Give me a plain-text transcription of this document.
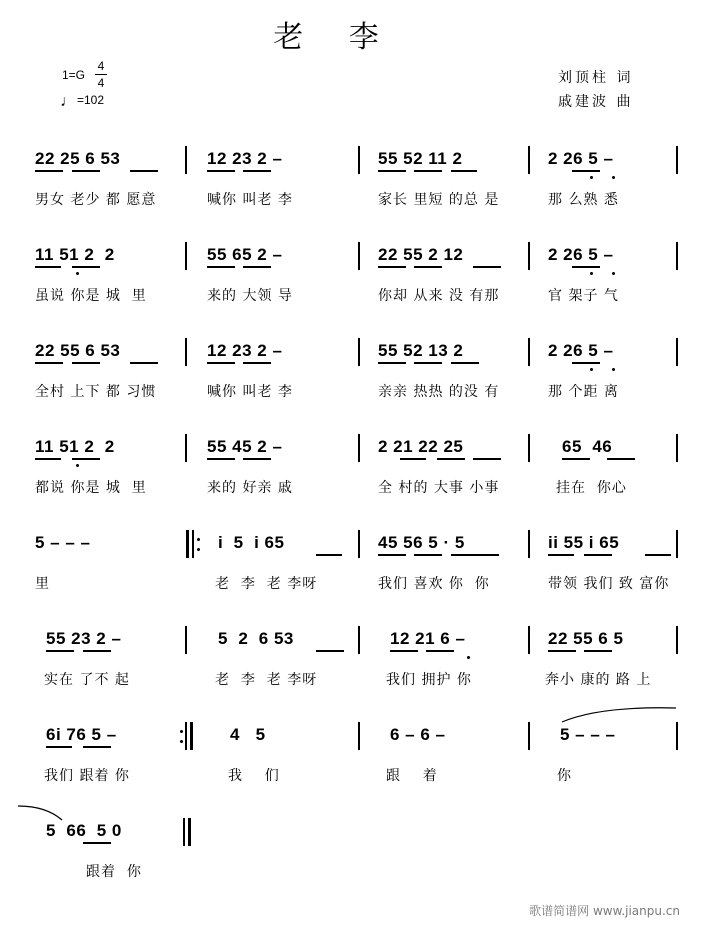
老 李
1=G
4
4
♩=102
刘顶柱 词
戚建波 曲
22 25 6 53	12 23 2 –	55 52 11 2	2 26 5 –
男女 老少 都 愿意	喊你 叫老 李	家长 里短 的总 是	那 么熟 悉
11 51 2  2	55 65 2 –	22 55 2 12	2 26 5 –
虽说 你是 城  里	来的 大领 导	你却 从来 没 有那	官 架子 气
22 55 6 53	12 23 2 –	55 52 13 2	2 26 5 –
全村 上下 都 习惯	喊你 叫老 李	亲亲 热热 的没 有	那 个距 离
11 51 2  2	55 45 2 –	2 21 22 25	65  46
都说 你是 城  里	来的 好亲 戚	全 村的 大事 小事	挂在  你心
5 – – –	i  5  i 65	45 56 5 · 5	ii 55 i 65
里	老  李  老 李呀	我们 喜欢 你  你	带领 我们 致 富你
55 23 2 –	5  2  6 53	12 21 6 –	22 55 6 5
实在 了不 起	老  李  老 李呀	我们 拥护 你	奔小 康的 路 上
6i 76 5 –	4   5	6 – 6 –	5 – – –
我们 跟着 你	我    们	跟    着	你
5  66  5 0
跟着  你
歌谱简谱网 www.jianpu.cn
